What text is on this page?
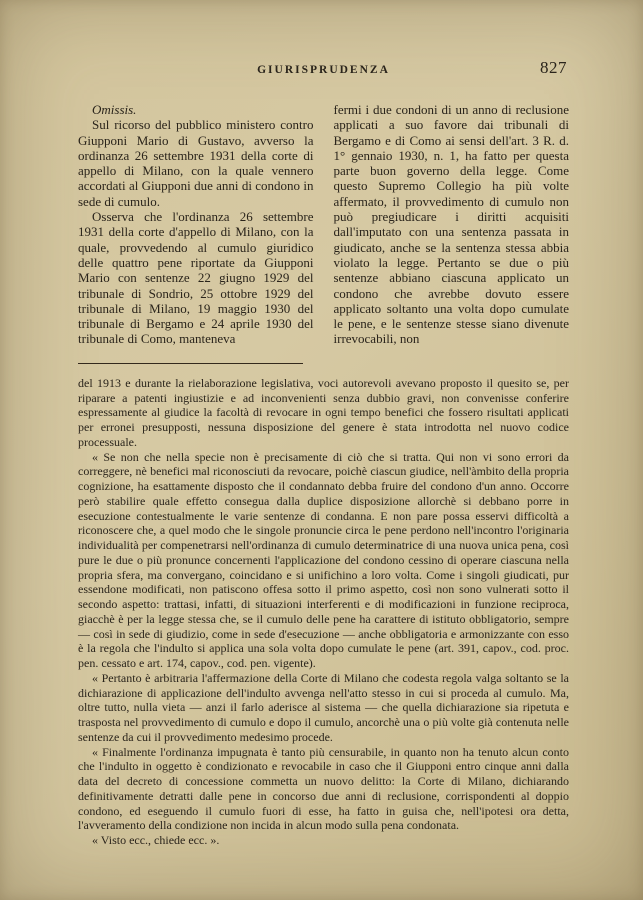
GIURISPRUDENZA	827

Omissis.

Sul ricorso del pubblico ministero contro Giupponi Mario di Gustavo, avverso la ordinanza 26 settembre 1931 della corte di appello di Milano, con la quale vennero accordati al Giupponi due anni di condono in sede di cumulo.

Osserva che l'ordinanza 26 settembre 1931 della corte d'appello di Milano, con la quale, provvedendo al cumulo giuridico delle quattro pene riportate da Giupponi Mario con sentenze 22 giugno 1929 del tribunale di Sondrio, 25 ottobre 1929 del tribunale di Milano, 19 maggio 1930 del tribunale di Bergamo e 24 aprile 1930 del tribunale di Como, manteneva

fermi i due condoni di un anno di reclusione applicati a suo favore dai tribunali di Bergamo e di Como ai sensi dell'art. 3 R. d. 1° gennaio 1930, n. 1, ha fatto per questa parte buon governo della legge. Come questo Supremo Collegio ha più volte affermato, il provvedimento di cumulo non può pregiudicare i diritti acquisiti dall'imputato con una sentenza passata in giudicato, anche se la sentenza stessa abbia violato la legge. Pertanto se due o più sentenze abbiano ciascuna applicato un condono che avrebbe dovuto essere applicato soltanto una volta dopo cumulate le pene, e le sentenze stesse siano divenute irrevocabili, non

del 1913 e durante la rielaborazione legislativa, voci autorevoli avevano proposto il quesito se, per riparare a patenti ingiustizie e ad inconvenienti senza dubbio gravi, non convenisse conferire espressamente al giudice la facoltà di revocare in ogni tempo benefici che fossero risultati applicati per erronei presupposti, nessuna disposizione del genere è stata introdotta nel nuovo codice processuale.

« Se non che nella specie non è precisamente di ciò che si tratta. Qui non vi sono errori da correggere, nè benefici mal riconosciuti da revocare, poichè ciascun giudice, nell'àmbito della propria cognizione, ha esattamente disposto che il condannato debba fruire del condono d'un anno. Occorre però stabilire quale effetto consegua dalla duplice disposizione allorchè si debbano porre in esecuzione contestualmente le varie sentenze di condanna. E non pare possa esservi difficoltà a riconoscere che, a quel modo che le singole pronuncie circa le pene perdono nell'incontro l'originaria individualità per compenetrarsi nell'ordinanza di cumulo determinatrice di una nuova unica pena, così pure le due o più pronunce concernenti l'applicazione del condono cessino di operare ciascuna nella propria sfera, ma convergano, coincidano e si unifichino a loro volta. Come i singoli giudicati, pur essendone modificati, non patiscono offesa sotto il primo aspetto, così non sono vulnerati sotto il secondo aspetto: trattasi, infatti, di situazioni interferenti e di modificazioni in funzione reciproca, giacchè è per la legge stessa che, se il cumulo delle pene ha carattere di istituto obbligatorio, sempre — così in sede di giudizio, come in sede d'esecuzione — anche obbligatoria e armonizzante con esso è la regola che l'indulto si applica una sola volta dopo cumulate le pene (art. 391, capov., cod. proc. pen. cessato e art. 174, capov., cod. pen. vigente).

« Pertanto è arbitraria l'affermazione della Corte di Milano che codesta regola valga soltanto se la dichiarazione di applicazione dell'indulto avvenga nell'atto stesso in cui si proceda al cumulo. Ma, oltre tutto, nulla vieta — anzi il farlo aderisce al sistema — che quella dichiarazione sia ripetuta e trasposta nel provvedimento di cumulo e dopo il cumulo, ancorchè una o più volte già contenuta nelle sentenze da cui il provvedimento medesimo procede.

« Finalmente l'ordinanza impugnata è tanto più censurabile, in quanto non ha tenuto alcun conto che l'indulto in oggetto è condizionato e revocabile in caso che il Giupponi entro cinque anni dalla data del decreto di concessione commetta un nuovo delitto: la Corte di Milano, dichiarando definitivamente detratti dalle pene in concorso due anni di reclusione, corrispondenti al doppio condono, ed eseguendo il cumulo fuori di esse, ha fatto in guisa che, nell'ipotesi ora detta, l'avveramento della condizione non incida in alcun modo sulla pena condonata.

« Visto ecc., chiede ecc. ».
